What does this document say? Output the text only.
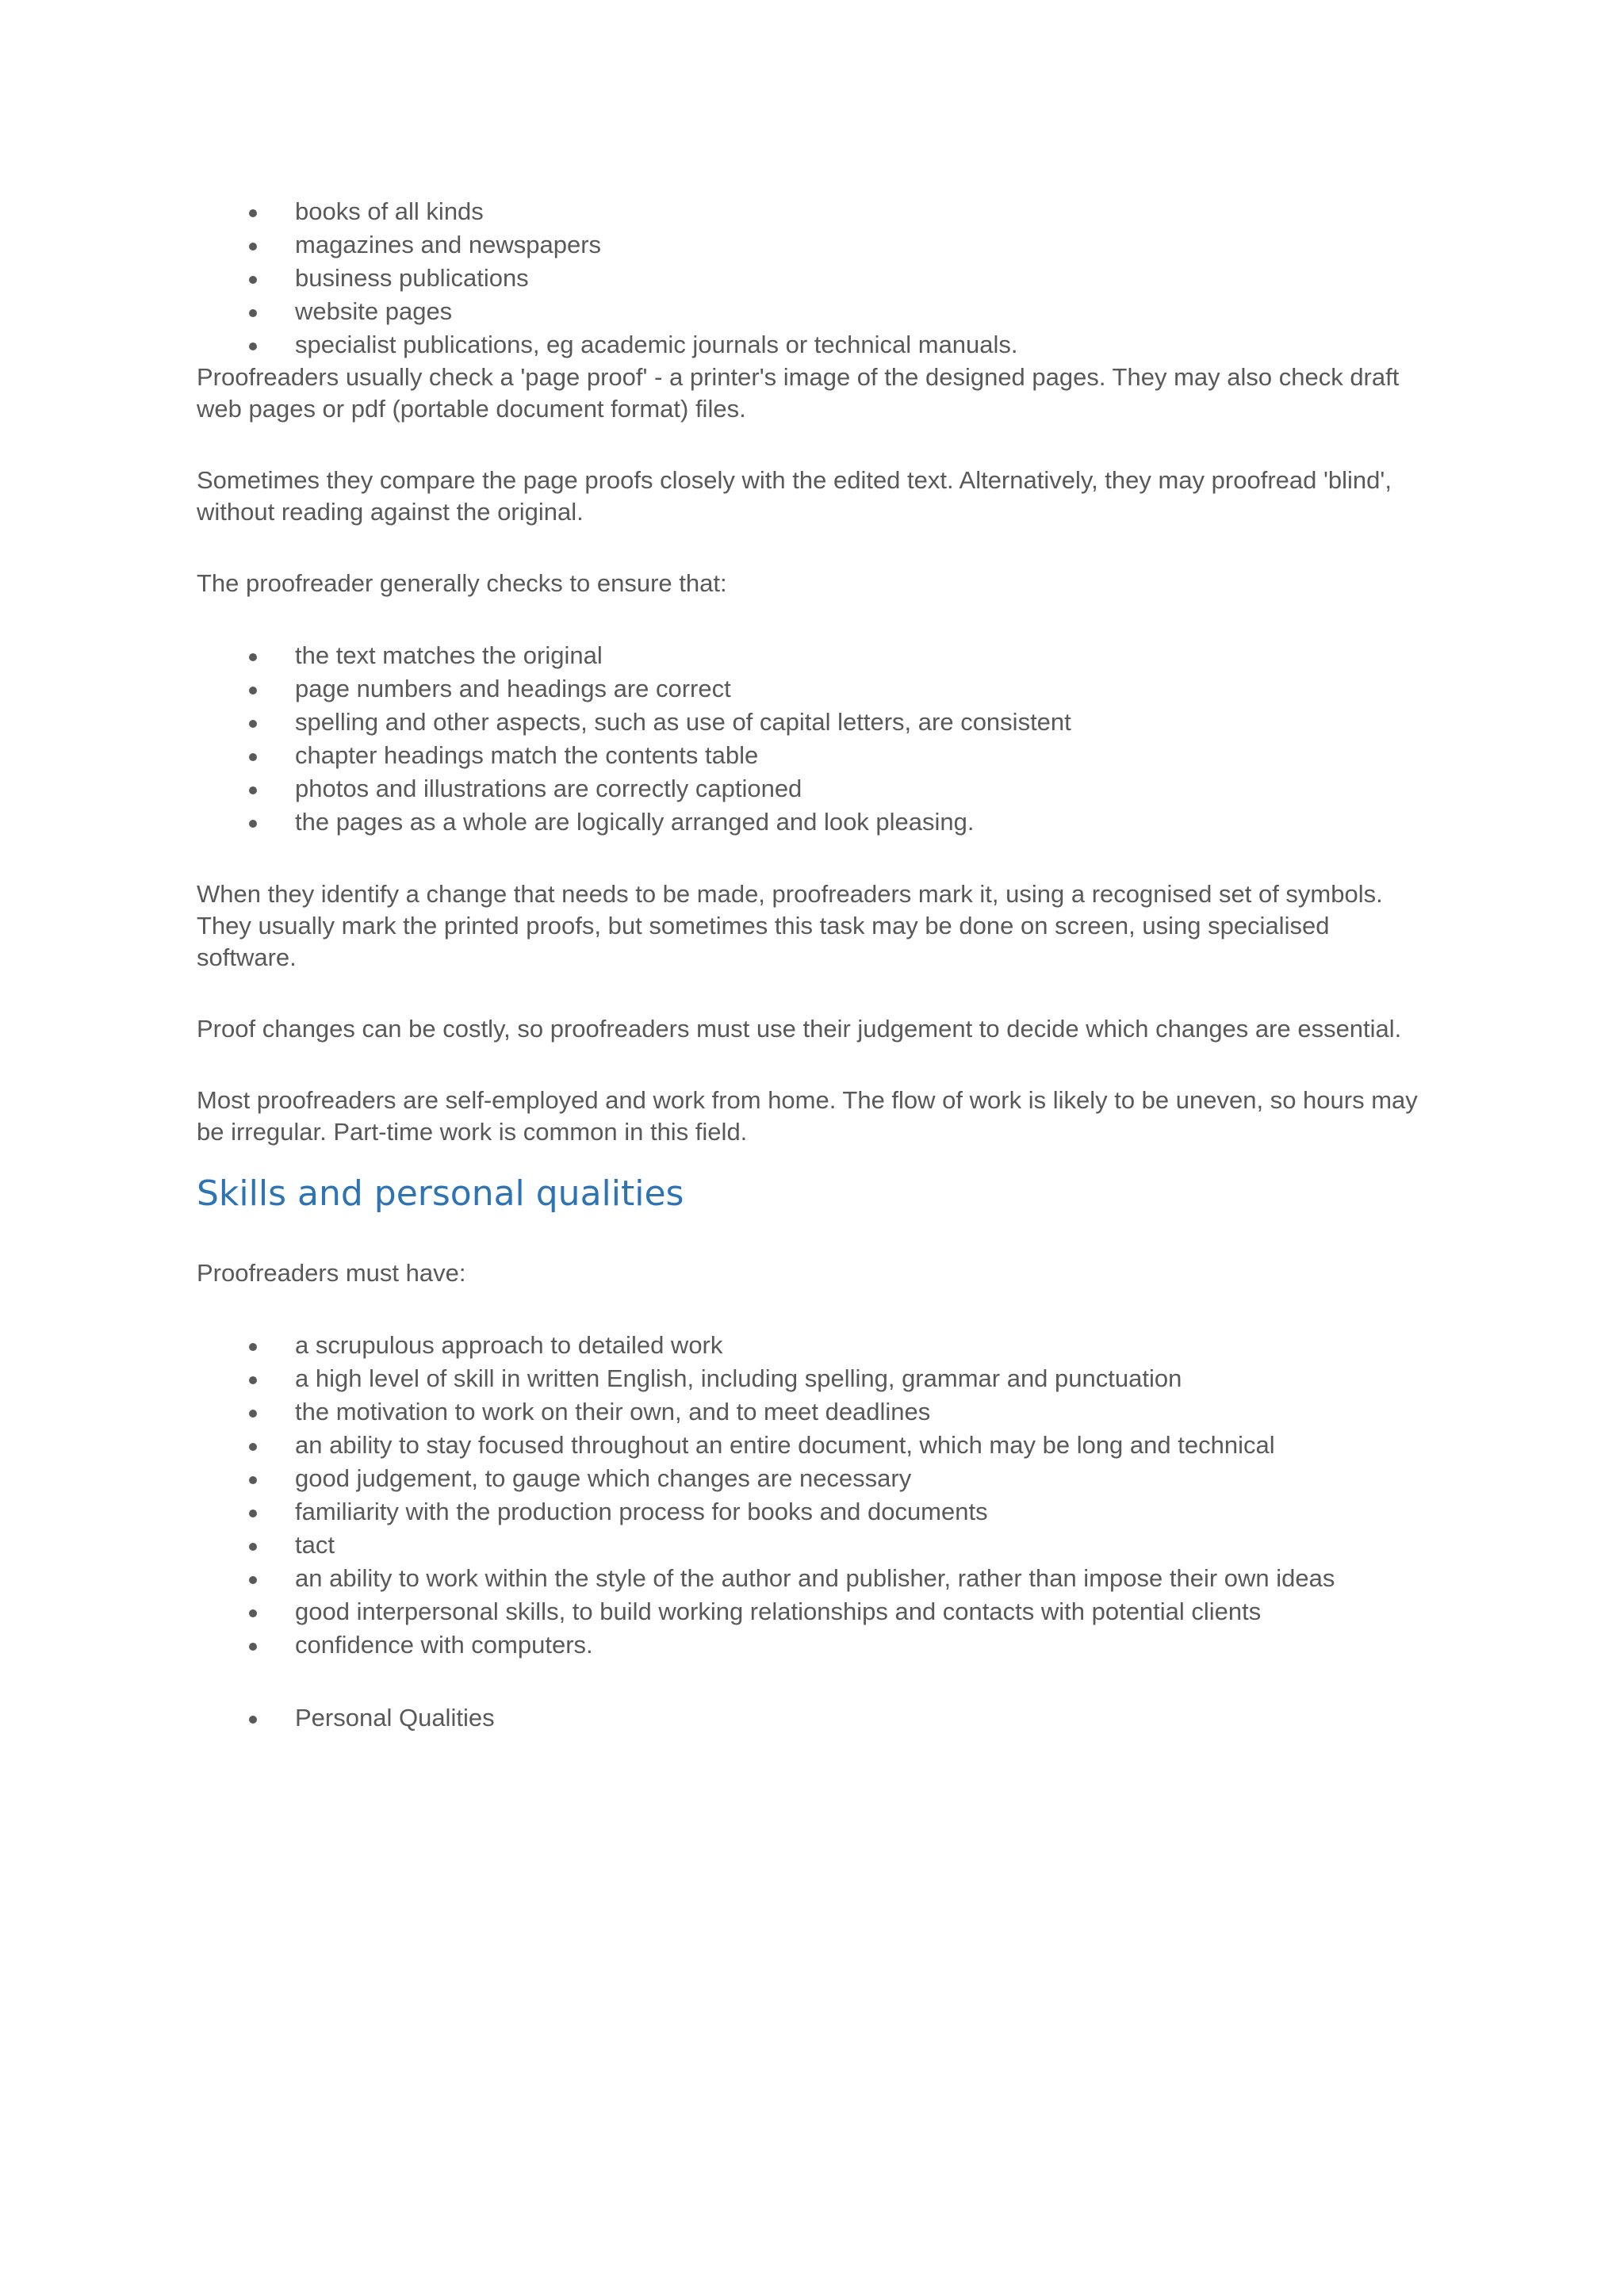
books of all kinds
magazines and newspapers
business publications
website pages
specialist publications, eg academic journals or technical manuals.

Proofreaders usually check a 'page proof' - a printer's image of the designed pages. They may also check draft web pages or pdf (portable document format) files.

Sometimes they compare the page proofs closely with the edited text. Alternatively, they may proofread 'blind', without reading against the original.

The proofreader generally checks to ensure that:

the text matches the original
page numbers and headings are correct
spelling and other aspects, such as use of capital letters, are consistent
chapter headings match the contents table
photos and illustrations are correctly captioned
the pages as a whole are logically arranged and look pleasing.

When they identify a change that needs to be made, proofreaders mark it, using a recognised set of symbols. They usually mark the printed proofs, but sometimes this task may be done on screen, using specialised software.

Proof changes can be costly, so proofreaders must use their judgement to decide which changes are essential.

Most proofreaders are self-employed and work from home. The flow of work is likely to be uneven, so hours may be irregular. Part-time work is common in this field.

Skills and personal qualities

Proofreaders must have:

a scrupulous approach to detailed work
a high level of skill in written English, including spelling, grammar and punctuation
the motivation to work on their own, and to meet deadlines
an ability to stay focused throughout an entire document, which may be long and technical
good judgement, to gauge which changes are necessary
familiarity with the production process for books and documents
tact
an ability to work within the style of the author and publisher, rather than impose their own ideas
good interpersonal skills, to build working relationships and contacts with potential clients
confidence with computers.
Personal Qualities
